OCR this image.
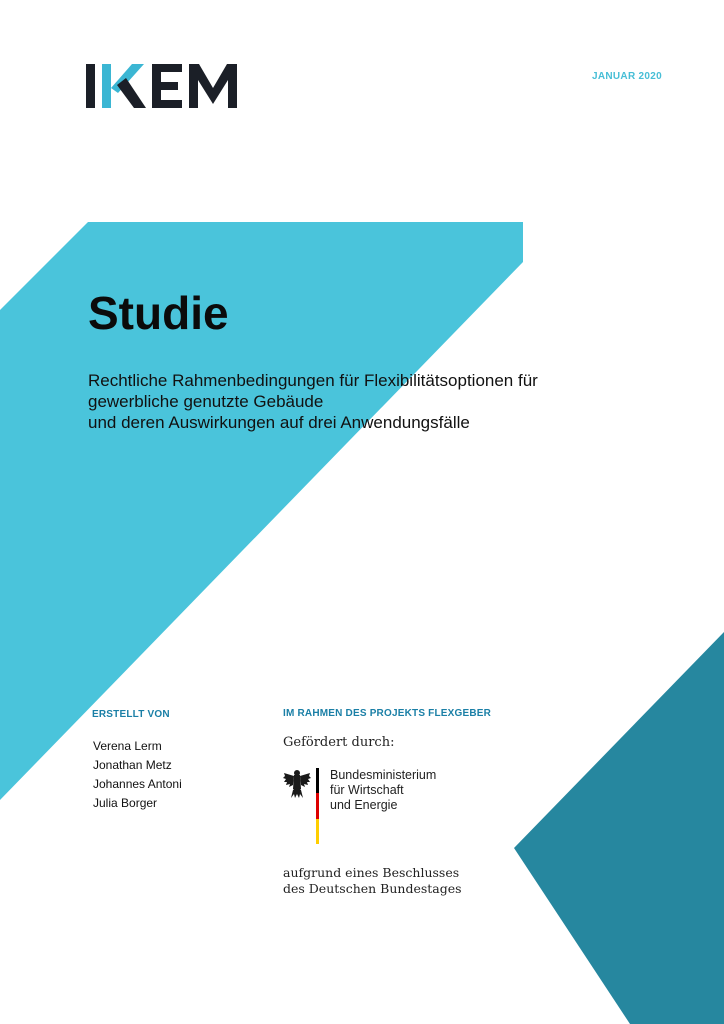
JANUAR 2020
Studie
Rechtliche Rahmenbedingungen für Flexibilitätsoptionen für
gewerbliche genutzte Gebäude
und deren Auswirkungen auf drei Anwendungsfälle
ERSTELLT VON
Verena Lerm
Jonathan Metz
Johannes Antoni
Julia Borger
IM RAHMEN DES PROJEKTS FLEXGEBER
Gefördert durch:
Bundesministerium
für Wirtschaft
und Energie
aufgrund eines Beschlusses
des Deutschen Bundestages
